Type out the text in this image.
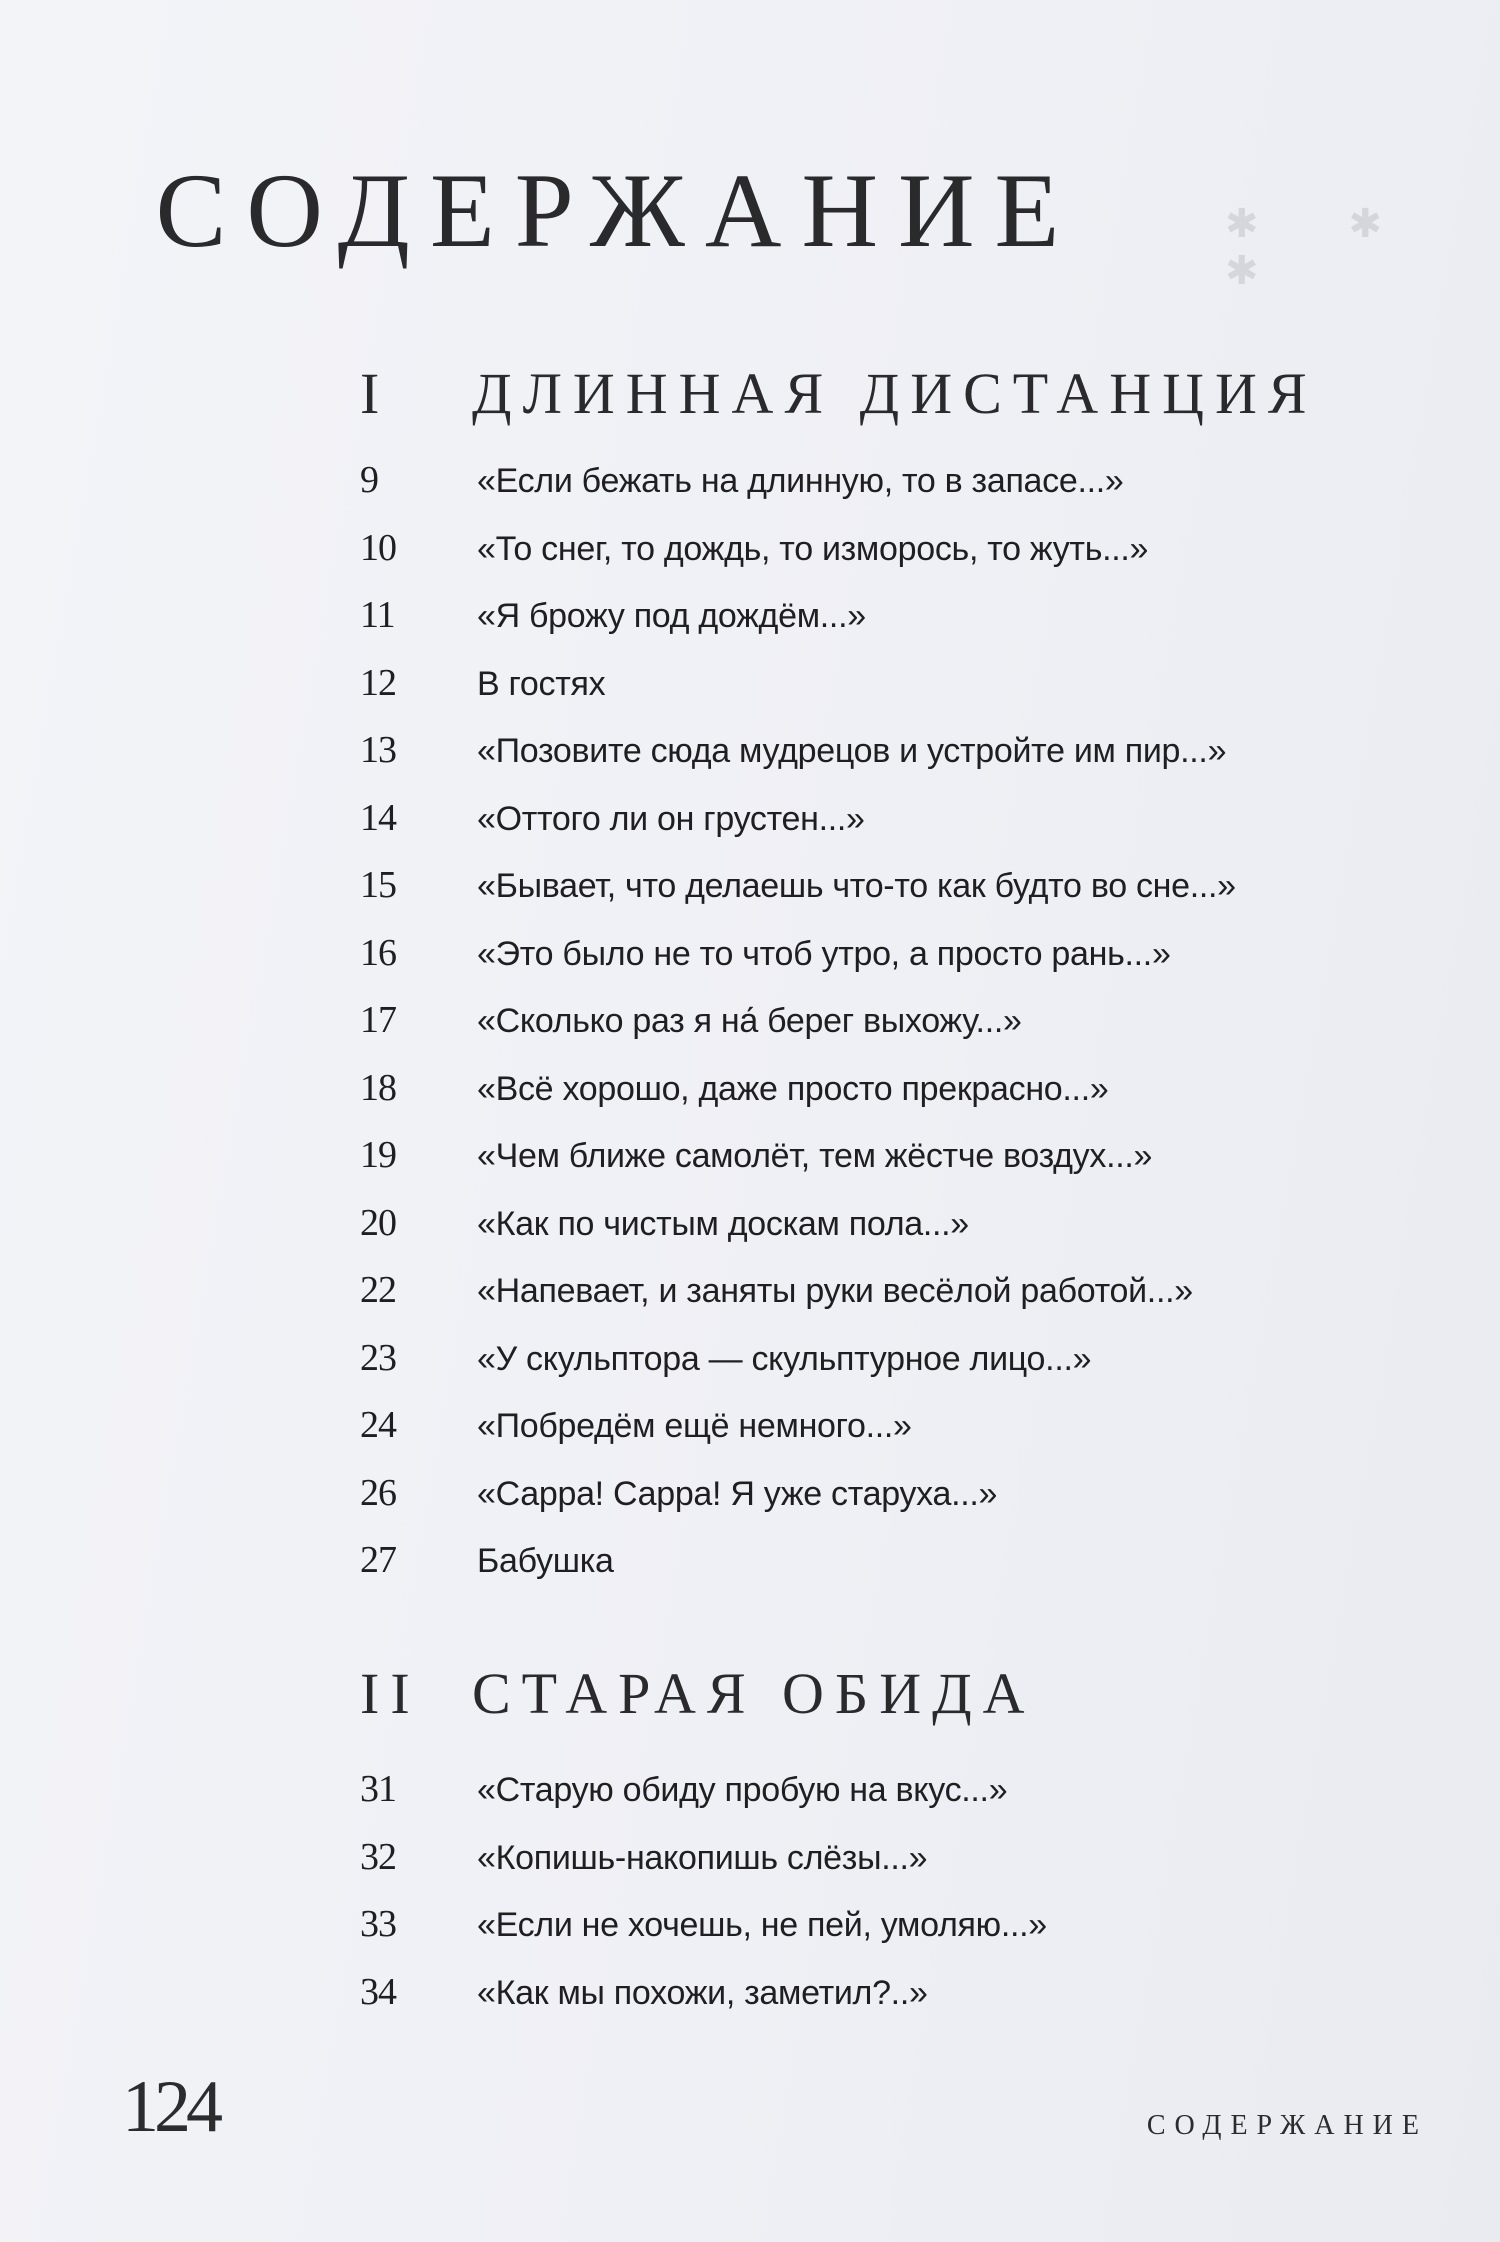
✱ ✱ ✱
СОДЕРЖАНИЕ
I ДЛИННАЯ ДИСТАНЦИЯ
9	«Если бежать на длинную, то в запасе...»
10	«То снег, то дождь, то изморось, то жуть...»
11	«Я брожу под дождём...»
12	В гостях
13	«Позовите сюда мудрецов и устройте им пир...»
14	«Оттого ли он грустен...»
15	«Бывает, что делаешь что-то как будто во сне...»
16	«Это было не то чтоб утро, а просто рань...»
17	«Сколько раз я на́ берег выхожу...»
18	«Всё хорошо, даже просто прекрасно...»
19	«Чем ближе самолёт, тем жёстче воздух...»
20	«Как по чистым доскам пола...»
22	«Напевает, и заняты руки весёлой работой...»
23	«У скульптора — скульптурное лицо...»
24	«Побредём ещё немного...»
26	«Сарра! Сарра! Я уже старуха...»
27	Бабушка
II СТАРАЯ ОБИДА
31	«Старую обиду пробую на вкус...»
32	«Копишь-накопишь слёзы...»
33	«Если не хочешь, не пей, умоляю...»
34	«Как мы похожи, заметил?..»
124	СОДЕРЖАНИЕ
